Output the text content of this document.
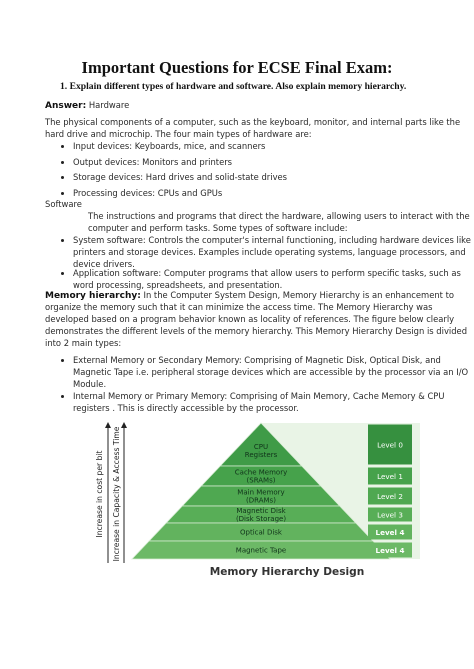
Important Questions for ECSE Final Exam:
1. Explain different types of hardware and software. Also explain memory hierarchy.
Answer: Hardware
The physical components of a computer, such as the keyboard, monitor, and internal parts like the
hard drive and microchip. The four main types of hardware are:
Input devices: Keyboards, mice, and scanners
Output devices: Monitors and printers
Storage devices: Hard drives and solid-state drives
Processing devices: CPUs and GPUs
Software
The instructions and programs that direct the hardware, allowing users to interact with the
computer and perform tasks. Some types of software include:
System software: Controls the computer's internal functioning, including hardware devices like
printers and storage devices. Examples include operating systems, language processors, and
device drivers.
Application software: Computer programs that allow users to perform specific tasks, such as
word processing, spreadsheets, and presentation.
Memory hierarchy: In the Computer System Design, Memory Hierarchy is an enhancement to
organize the memory such that it can minimize the access time. The Memory Hierarchy was
developed based on a program behavior known as locality of references. The figure below clearly
demonstrates the different levels of the memory hierarchy. This Memory Hierarchy Design is divided
into 2 main types:
External Memory or Secondary Memory: Comprising of Magnetic Disk, Optical Disk, and
Magnetic Tape i.e. peripheral storage devices which are accessible by the processor via an I/O
Module.
Internal Memory or Primary Memory: Comprising of Main Memory, Cache Memory & CPU
registers . This is directly accessible by the processor.
Increase in cost per bit Increase in Capacity & Access Time	CPU
Registers
Cache Memory
(SRAMs)
Main Memory
(DRAMs)
Magnetic Disk
(Disk Storage)
Optical Disk
Magnetic Tape
Level 0
Level 1
Level 2
Level 3
Level 4
Level 4
Memory Hierarchy Design
